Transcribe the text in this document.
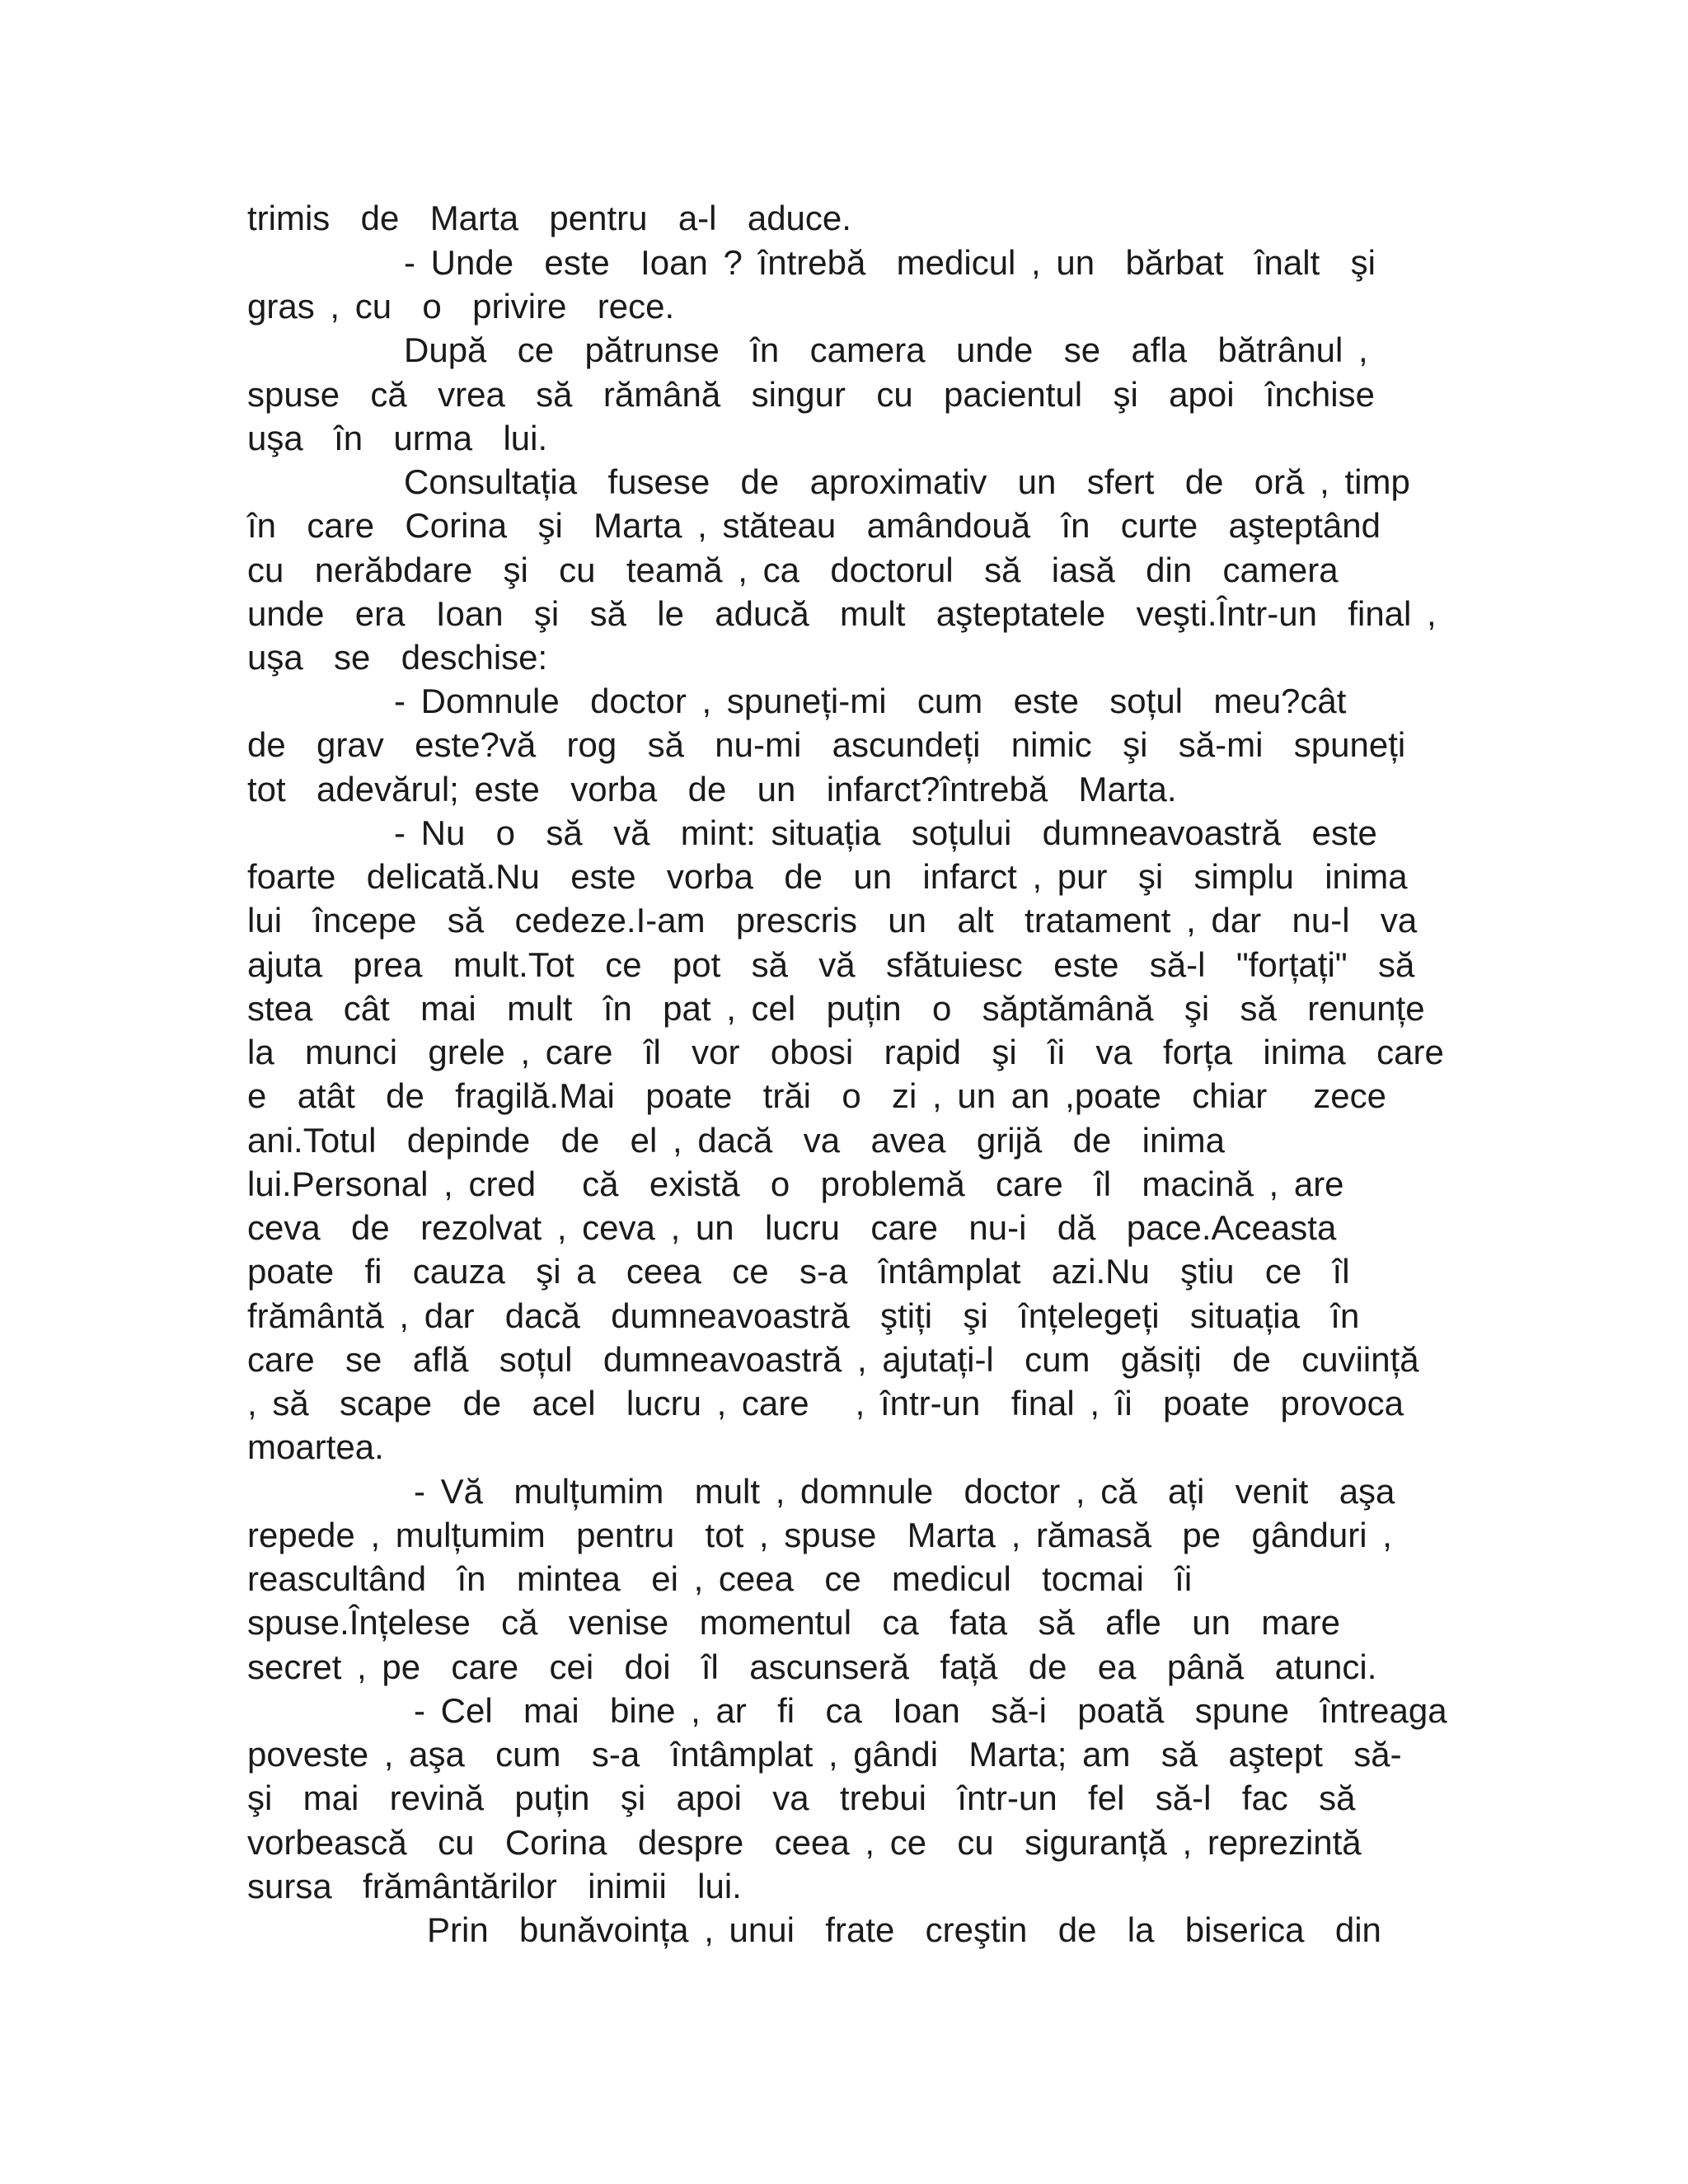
trimis  de  Marta  pentru  a-l  aduce.
- Unde  este  Ioan ? întrebă  medicul , un  bărbat  înalt  şi
gras , cu  o  privire  rece.
După  ce  pătrunse  în  camera  unde  se  afla  bătrânul ,
spuse  că  vrea  să  rămână  singur  cu  pacientul  şi  apoi  închise
uşa  în  urma  lui.
Consultația  fusese  de  aproximativ  un  sfert  de  oră , timp
în  care  Corina  şi  Marta , stăteau  amândouă  în  curte  aşteptând
cu  nerăbdare  şi  cu  teamă , ca  doctorul  să  iasă  din  camera
unde  era  Ioan  şi  să  le  aducă  mult  aşteptatele  veşti.Într-un  final ,
uşa  se  deschise:
- Domnule  doctor , spuneți-mi  cum  este  soțul  meu?cât
de  grav  este?vă  rog  să  nu-mi  ascundeți  nimic  şi  să-mi  spuneți
tot  adevărul; este  vorba  de  un  infarct?întrebă  Marta.
- Nu  o  să  vă  mint: situația  soțului  dumneavoastră  este
foarte  delicată.Nu  este  vorba  de  un  infarct , pur  şi  simplu  inima
lui  începe  să  cedeze.I-am  prescris  un  alt  tratament , dar  nu-l  va
ajuta  prea  mult.Tot  ce  pot  să  vă  sfătuiesc  este  să-l  "forțați"  să
stea  cât  mai  mult  în  pat , cel  puțin  o  săptămână  şi  să  renunțe
la  munci  grele , care  îl  vor  obosi  rapid  şi  îi  va  forța  inima  care
e  atât  de  fragilă.Mai  poate  trăi  o  zi , un an ,poate  chiar   zece
ani.Totul  depinde  de  el , dacă  va  avea  grijă  de  inima
lui.Personal , cred   că  există  o  problemă  care  îl  macină , are
ceva  de  rezolvat , ceva , un  lucru  care  nu-i  dă  pace.Aceasta
poate  fi  cauza  şi a  ceea  ce  s-a  întâmplat  azi.Nu  ştiu  ce  îl
frământă , dar  dacă  dumneavoastră  ştiți  şi  înțelegeți  situația  în
care  se  află  soțul  dumneavoastră , ajutați-l  cum  găsiți  de  cuviință
, să  scape  de  acel  lucru , care   , într-un  final , îi  poate  provoca
moartea.
- Vă  mulțumim  mult , domnule  doctor , că  ați  venit  aşa
repede , mulțumim  pentru  tot , spuse  Marta , rămasă  pe  gânduri ,
reascultând  în  mintea  ei , ceea  ce  medicul  tocmai  îi
spuse.Înțelese  că  venise  momentul  ca  fata  să  afle  un  mare
secret , pe  care  cei  doi  îl  ascunseră  față  de  ea  până  atunci.
- Cel  mai  bine , ar  fi  ca  Ioan  să-i  poată  spune  întreaga
poveste , aşa  cum  s-a  întâmplat , gândi  Marta; am  să  aştept  să-
şi  mai  revină  puțin  şi  apoi  va  trebui  într-un  fel  să-l  fac  să
vorbească  cu  Corina  despre  ceea , ce  cu  siguranță , reprezintă
sursa  frământărilor  inimii  lui.
Prin  bunăvoința , unui  frate  creştin  de  la  biserica  din
